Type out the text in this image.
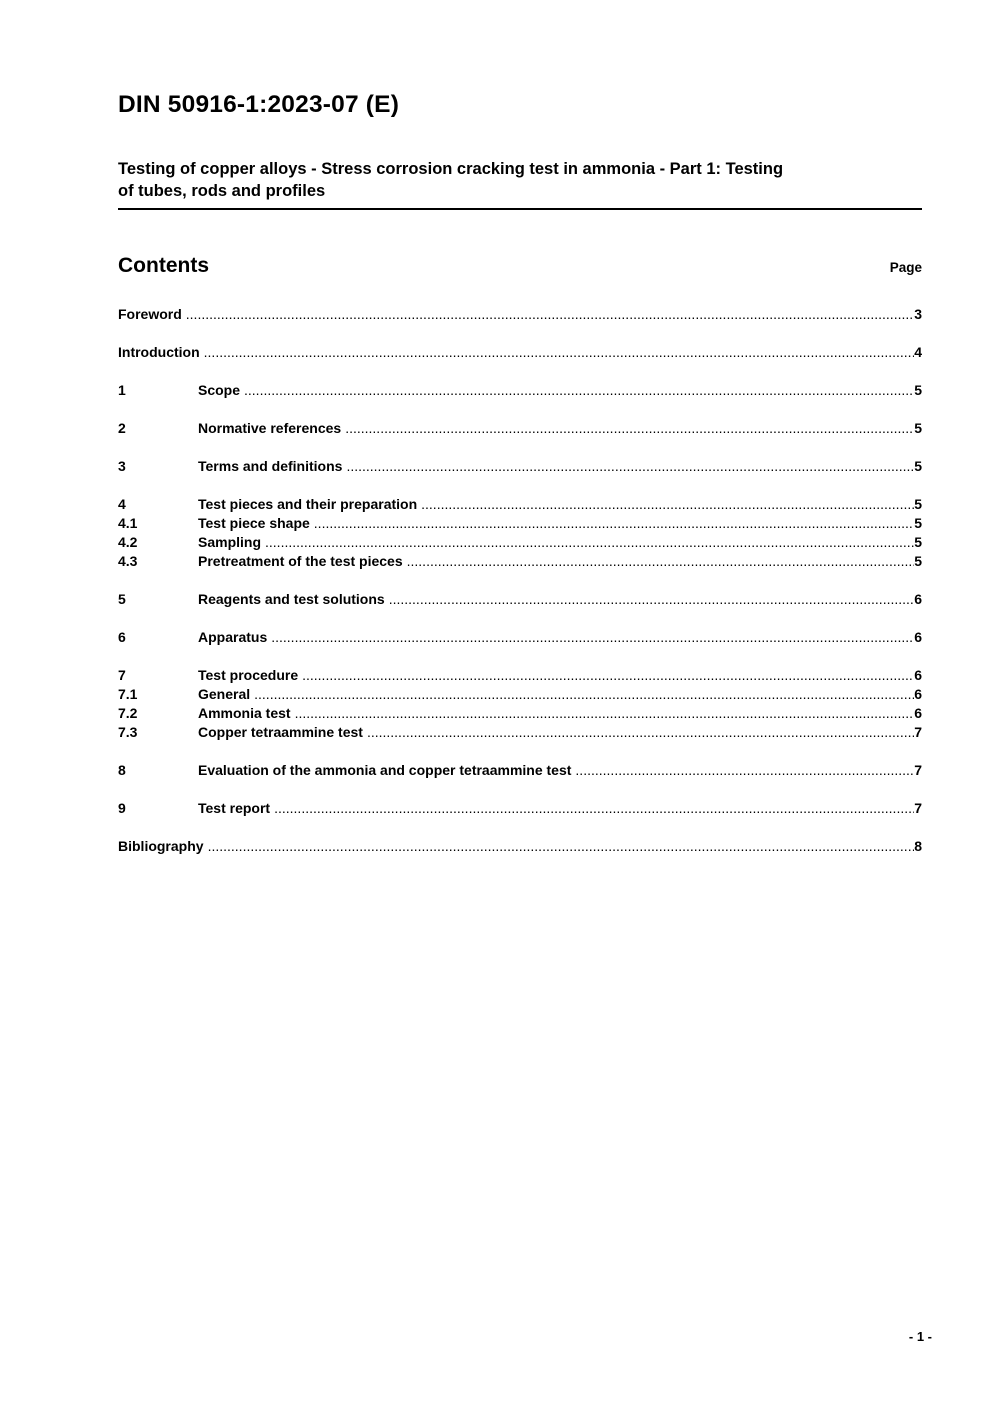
DIN 50916-1:2023-07 (E)
Testing of copper alloys - Stress corrosion cracking test in ammonia - Part 1: Testing
of tubes, rods and profiles
Contents	Page
Foreword .....	3
Introduction .....	4
1	Scope .....	5
2	Normative references .....	5
3	Terms and definitions .....	5
4	Test pieces and their preparation .....	5
4.1	Test piece shape .....	5
4.2	Sampling .....	5
4.3	Pretreatment of the test pieces .....	5
5	Reagents and test solutions .....	6
6	Apparatus .....	6
7	Test procedure .....	6
7.1	General .....	6
7.2	Ammonia test .....	6
7.3	Copper tetraammine test .....	7
8	Evaluation of the ammonia and copper tetraammine test .....	7
9	Test report .....	7
Bibliography .....	8
- 1 -
